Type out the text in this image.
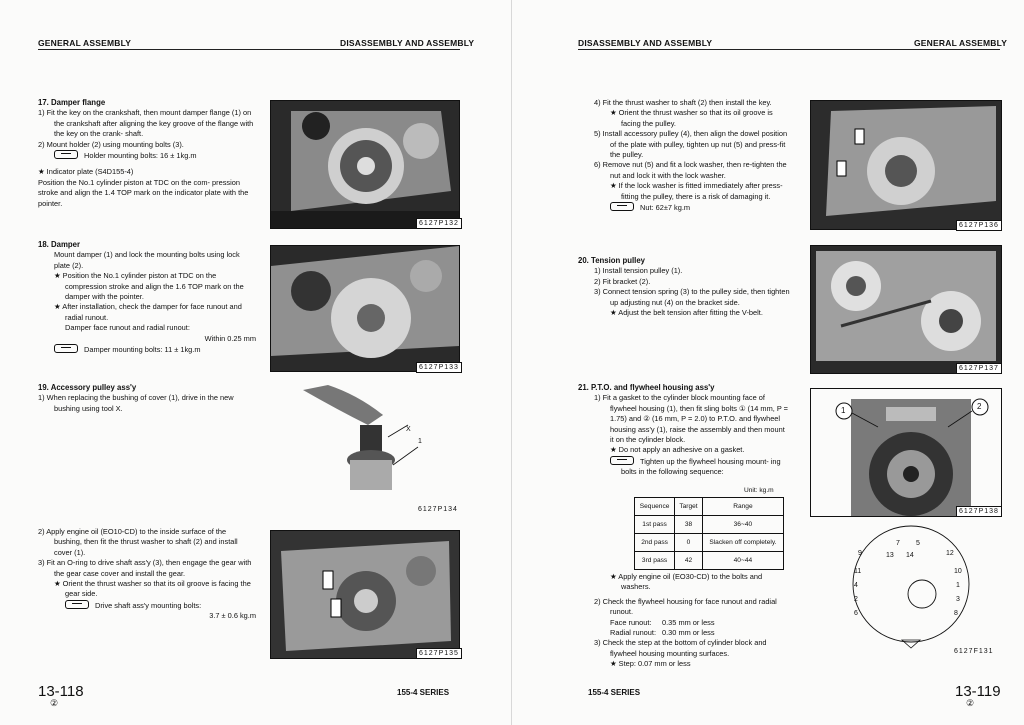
GENERAL ASSEMBLY	DISASSEMBLY AND ASSEMBLY
17. Damper flange
1) Fit the key on the crankshaft, then mount damper flange (1) on the crankshaft after aligning the key groove of the flange with the key on the crank- shaft.
2) Mount holder (2) using mounting bolts (3).
Holder mounting bolts: 16 ± 1kg.m
★ Indicator plate (S4D155-4)
Position the No.1 cylinder piston at TDC on the com- pression stroke and align the 1.4 TOP mark on the indicator plate with the pointer.
6127P132
18. Damper
Mount damper (1) and lock the mounting bolts using lock plate (2).
★ Position the No.1 cylinder piston at TDC on the compression stroke and align the 1.6 TOP mark on the damper with the pointer.
★ After installation, check the damper for face runout and radial runout.
Damper face runout and radial runout:
Within 0.25 mm
Damper mounting bolts: 11 ± 1kg.m
6127P133
19. Accessory pulley ass'y
1) When replacing the bushing of cover (1), drive in the new bushing using tool X.
X
1
6127P134
2) Apply engine oil (EO10-CD) to the inside surface of the bushing, then fit the thrust washer to shaft (2) and install cover (1).
3) Fit an O-ring to drive shaft ass'y (3), then engage the gear with the gear case cover and install the gear.
★ Orient the thrust washer so that its oil groove is facing the gear side.
Drive shaft ass'y mounting bolts:
3.7 ± 0.6 kg.m
6127P135
13-118
②
155-4 SERIES
DISASSEMBLY AND ASSEMBLY	GENERAL ASSEMBLY
4) Fit the thrust washer to shaft (2) then install the key.
★ Orient the thrust washer so that its oil groove is facing the pulley.
5) Install accessory pulley (4), then align the dowel position of the plate with pulley, tighten up nut (5) and press-fit the pulley.
6) Remove nut (5) and fit a lock washer, then re-tighten the nut and lock it with the lock washer.
★ If the lock washer is fitted immediately after press-fitting the pulley, there is a risk of damaging it.
Nut: 62±7 kg.m
6127P136
20. Tension pulley
1) Install tension pulley (1).
2) Fit bracket (2).
3) Connect tension spring (3) to the pulley side, then tighten up adjusting nut (4) on the bracket side.
★ Adjust the belt tension after fitting the V-belt.
6127P137
21. P.T.O. and flywheel housing ass'y
1) Fit a gasket to the cylinder block mounting face of flywheel housing (1), then fit sling bolts ① (14 mm, P = 1.75) and ② (16 mm, P = 2.0) to P.T.O. and flywheel housing ass'y (1), raise the assembly and then mount it on the cylinder block.
★ Do not apply an adhesive on a gasket.
Tighten up the flywheel housing mount- ing bolts in the following sequence:
Unit: kg.m
Sequence	Target	Range
1st pass	38	36~40
2nd pass	0	Slacken off completely.
3rd pass	42	40~44
★ Apply engine oil (EO30-CD) to the bolts and washers.
2) Check the flywheel housing for face runout and radial runout.
Face runout: 0.35 mm or less
Radial runout: 0.30 mm or less
3) Check the step at the bottom of cylinder block and flywheel housing mounting surfaces.
★ Step: 0.07 mm or less
1	2
6127P138
7 5
9	13 14	12
11	10
4	1
2	3
6	8
6127F131
155-4 SERIES	13-119
②
